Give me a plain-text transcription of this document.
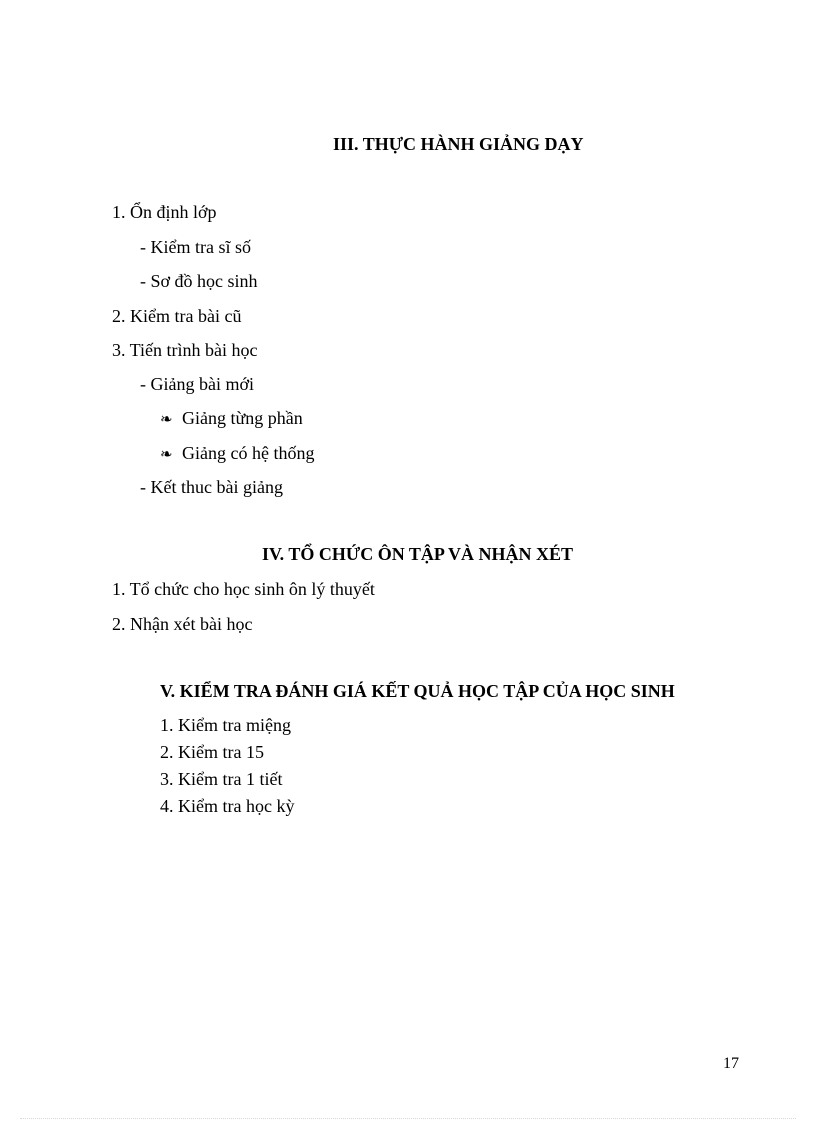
III. THỰC HÀNH GIẢNG DẠY
1. Ổn định lớp
- Kiểm tra sĩ số
- Sơ đồ học sinh
2. Kiểm tra bài cũ
3. Tiến trình bài học
- Giảng bài mới
❧ Giảng từng phần
❧ Giảng có hệ thống
- Kết thuc bài giảng
IV. TỔ CHỨC ÔN TẬP VÀ NHẬN XÉT
1. Tổ chức cho học sinh ôn lý thuyết
2. Nhận xét bài học
V. KIỂM TRA ĐÁNH GIÁ KẾT QUẢ HỌC TẬP CỦA HỌC SINH
1. Kiểm tra miệng
2. Kiểm tra 15
3. Kiểm tra 1 tiết
4. Kiểm tra học kỳ
17
